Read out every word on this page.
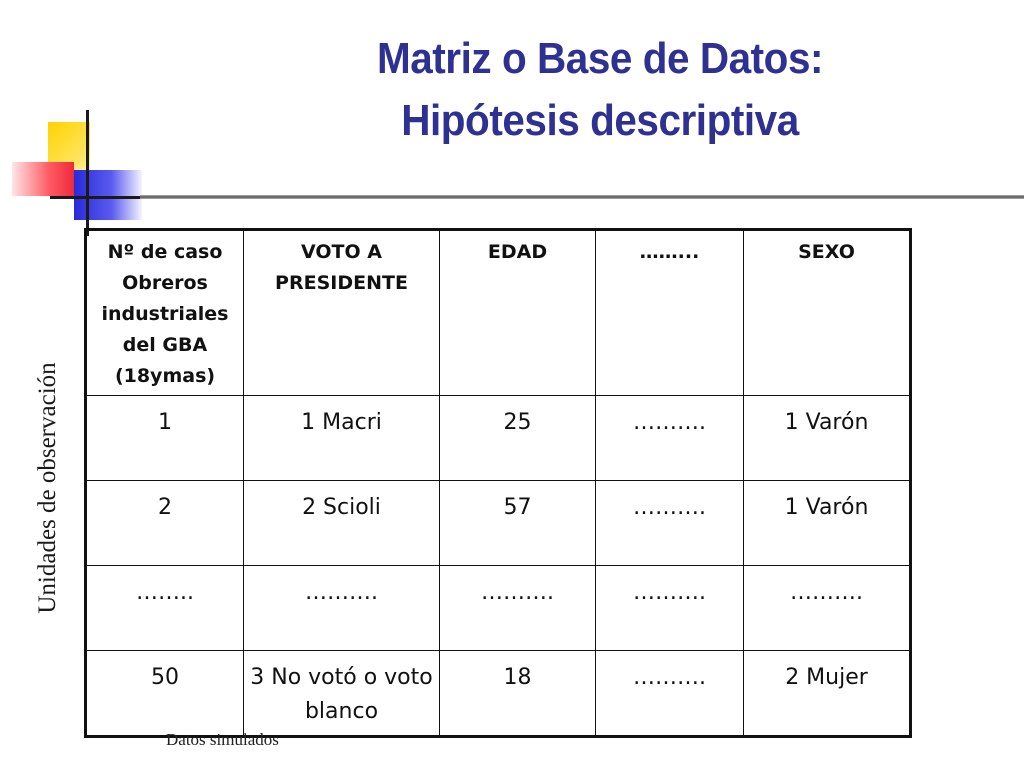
Matriz o Base de Datos:
Hipótesis descriptiva
Unidades de observación
Nº de caso
Obreros industriales del GBA (18ymas)	VOTO A PRESIDENTE	EDAD	……...	SEXO

1	1 Macri	25	……….	1 Varón
2	2 Scioli	57	……….	1 Varón
……..	……….	……….	……….	……….
50	3 No votó o voto blanco	18	……….	2 Mujer
Datos simulados
